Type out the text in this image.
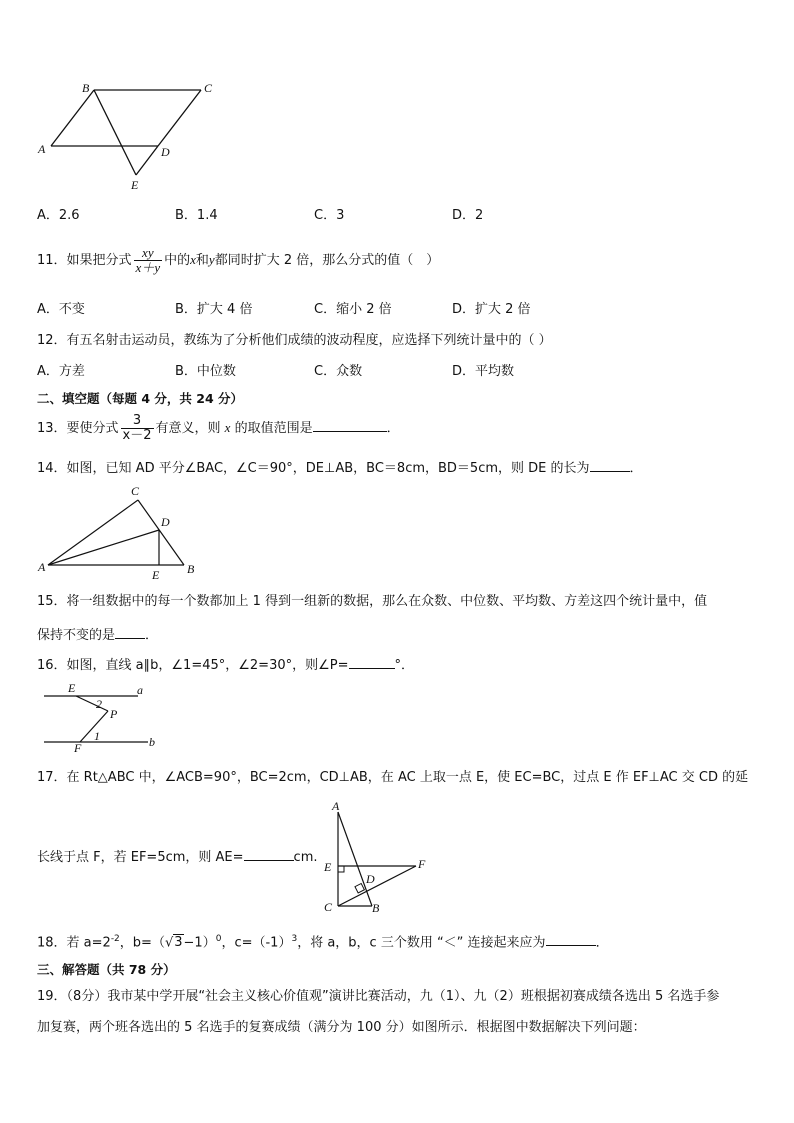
A
B	C
D
E
A．2.6	B．1.4	C．3	D．2
11．如果把分式 $\frac{xy}{x+y}$ 中的x和y都同时扩大 2 倍，那么分式的值（　）
A．不变	B．扩大 4 倍	C．缩小 2 倍	D．扩大 2 倍
12．有五名射击运动员，教练为了分析他们成绩的波动程度，应选择下列统计量中的（ ）
A．方差	B．中位数	C．众数	D．平均数
二、填空题（每题 4 分，共 24 分）
13．要使分式 $\frac{3}{x-2}$ 有意义，则 x 的取值范围是	．
14．如图，已知 AD 平分∠BAC，∠C＝90°，DE⊥AB，BC＝8cm，BD＝5cm，则 DE 的长为	．
C
D
A
E B
15．将一组数据中的每一个数都加上 1 得到一组新的数据，那么在众数、中位数、平均数、方差这四个统计量中，值
保持不变的是 ．
16．如图，直线 a∥b，∠1=45°，∠2=30°，则∠P=	°．
E	a
2
P
1
F	b
17．在 Rt△ABC 中，∠ACB=90°，BC=2cm，CD⊥AB，在 AC 上取一点 E，使 EC=BC，过点 E 作 EF⊥AC 交 CD 的延
长线于点 F，若 EF=5cm，则 AE=	cm.
A
E	F
D
C	B
18．若 $a=2^{-2}$，$b=(√3-1)^0$，$c=(-1)^3$，将 a，b，c 三个数用 “＜” 连接起来应为	．
三、解答题（共 78 分）
19．（8分）我市某中学开展“社会主义核心价值观”演讲比赛活动，九（1）、九（2）班根据初赛成绩各选出 5 名选手参
加复赛，两个班各选出的 5 名选手的复赛成绩（满分为 100 分）如图所示．根据图中数据解决下列问题：
